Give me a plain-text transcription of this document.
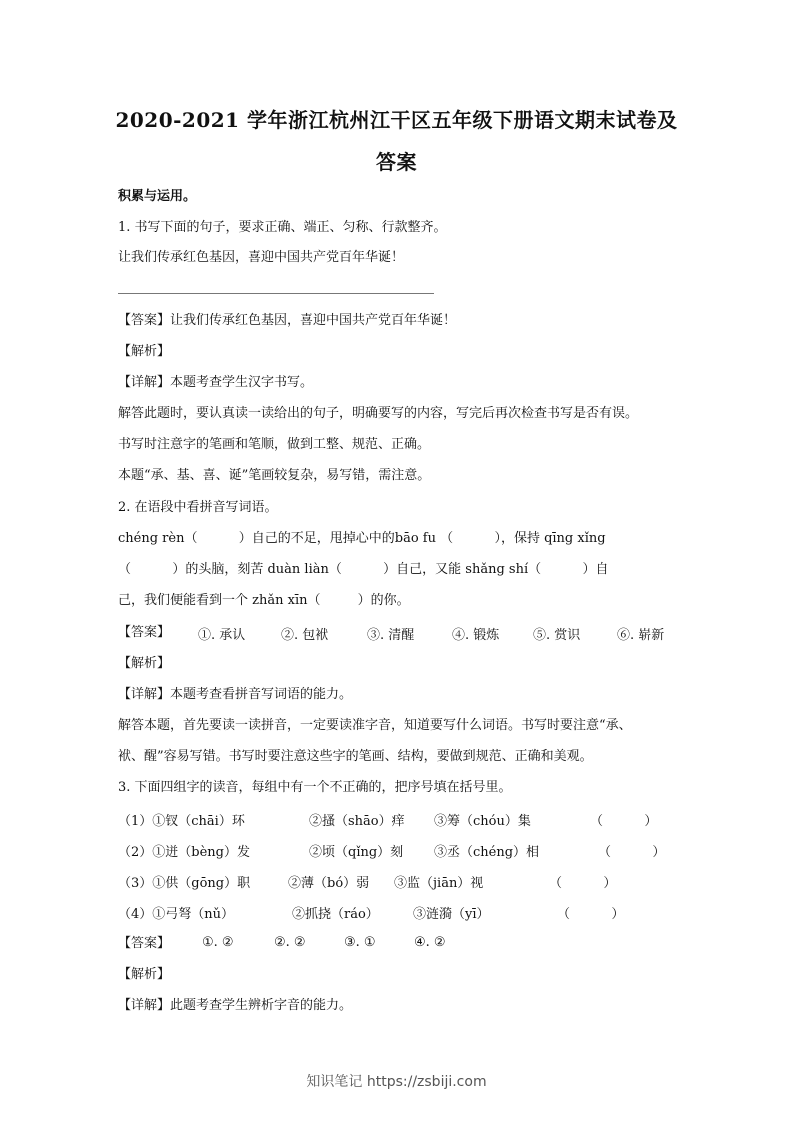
2020-2021 学年浙江杭州江干区五年级下册语文期末试卷及
答案
积累与运用。
1. 书写下面的句子，要求正确、端正、匀称、行款整齐。
让我们传承红色基因，喜迎中国共产党百年华诞！
【答案】让我们传承红色基因，喜迎中国共产党百年华诞！
【解析】
【详解】本题考查学生汉字书写。
解答此题时，要认真读一读给出的句子，明确要写的内容，写完后再次检查书写是否有误。
书写时注意字的笔画和笔顺，做到工整、规范、正确。
本题“承、基、喜、诞”笔画较复杂，易写错，需注意。
2. 在语段中看拼音写词语。
chéng rèn（          ）自己的不足，甩掉心中的bāo fu （          ），保持 qīng xǐng
（          ）的头脑，刻苦 duàn liàn（          ）自己，又能 shǎng shí（          ）自
己，我们便能看到一个 zhǎn xīn（         ）的你。
【答案】 ①. 承认	②. 包袱	③. 清醒	④. 锻炼	⑤. 赏识	⑥. 崭新
【解析】
【详解】本题考查看拼音写词语的能力。
解答本题，首先要读一读拼音，一定要读准字音，知道要写什么词语。书写时要注意“承、
袱、醒”容易写错。书写时要注意这些字的笔画、结构，要做到规范、正确和美观。
3. 下面四组字的读音，每组中有一个不正确的，把序号填在括号里。
（1）①钗（chāi）环	②搔（shāo）痒 ③筹（chóu）集	（          ）
（2）①迸（bèng）发	②顷（qǐng）刻 ③丞（chéng）相	（          ）
（3）①供（gōng）职	②薄（bó）弱 ③监（jiān）视	（          ）
（4）①弓弩（nǔ）	②抓挠（ráo）	③涟漪（yī）	（          ）
【答案】 ①. ②	②. ②	③. ①	④. ②
【解析】
【详解】此题考查学生辨析字音的能力。
知识笔记 https://zsbiji.com
